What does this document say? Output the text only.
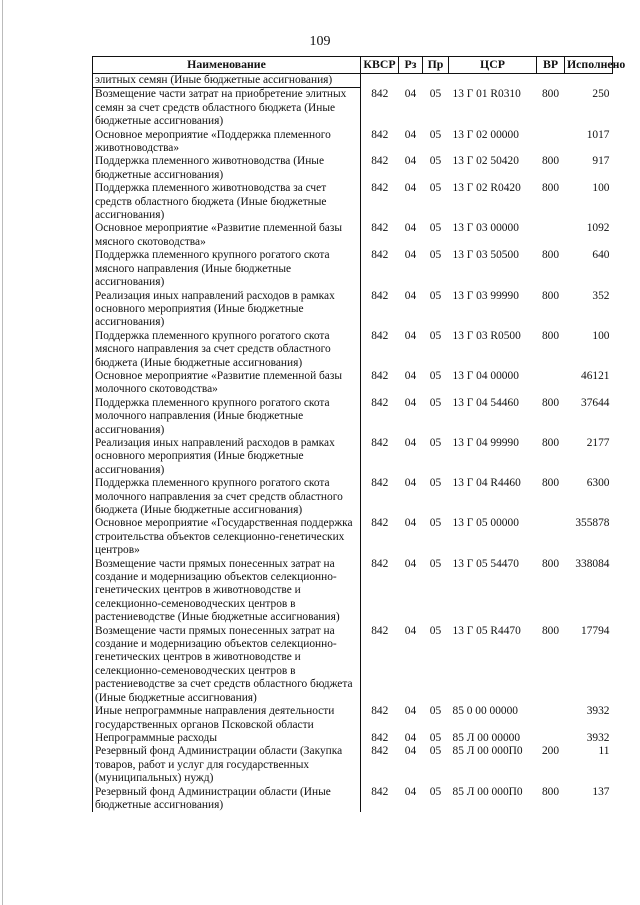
109
Наименование	КВСР	Рз	Пр	ЦСР	ВР	Исполнено
элитных семян (Иные бюджетные ассигнования)						
Возмещение части затрат на приобретение элитных семян за счет средств областного бюджета (Иные бюджетные ассигнования)	842	04	05	13 Г 01 R0310	800	250
Основное мероприятие «Поддержка племенного животноводства»	842	04	05	13 Г 02 00000		1017
Поддержка племенного животноводства (Иные бюджетные ассигнования)	842	04	05	13 Г 02 50420	800	917
Поддержка племенного животноводства за счет средств областного бюджета (Иные бюджетные ассигнования)	842	04	05	13 Г 02 R0420	800	100
Основное мероприятие «Развитие племенной базы мясного скотоводства»	842	04	05	13 Г 03 00000		1092
Поддержка племенного крупного рогатого скота мясного направления (Иные бюджетные ассигнования)	842	04	05	13 Г 03 50500	800	640
Реализация иных направлений расходов в рамках основного мероприятия (Иные бюджетные ассигнования)	842	04	05	13 Г 03 99990	800	352
Поддержка племенного крупного рогатого скота мясного направления за счет средств областного бюджета (Иные бюджетные ассигнования)	842	04	05	13 Г 03 R0500	800	100
Основное мероприятие «Развитие племенной базы молочного скотоводства»	842	04	05	13 Г 04 00000		46121
Поддержка племенного крупного рогатого скота молочного направления (Иные бюджетные ассигнования)	842	04	05	13 Г 04 54460	800	37644
Реализация иных направлений расходов в рамках основного мероприятия (Иные бюджетные ассигнования)	842	04	05	13 Г 04 99990	800	2177
Поддержка племенного крупного рогатого скота молочного направления за счет средств областного бюджета (Иные бюджетные ассигнования)	842	04	05	13 Г 04 R4460	800	6300
Основное мероприятие «Государственная поддержка строительства объектов селекционно-генетических центров»	842	04	05	13 Г 05 00000		355878
Возмещение части прямых понесенных затрат на создание и модернизацию объектов селекционно-генетических центров в животноводстве и селекционно-семеноводческих центров в растениеводстве (Иные бюджетные ассигнования)	842	04	05	13 Г 05 54470	800	338084
Возмещение части прямых понесенных затрат на создание и модернизацию объектов селекционно-генетических центров в животноводстве и селекционно-семеноводческих центров в растениеводстве за счет средств областного бюджета (Иные бюджетные ассигнования)	842	04	05	13 Г 05 R4470	800	17794
Иные непрограммные направления деятельности государственных органов Псковской области	842	04	05	85 0 00 00000		3932
Непрограммные расходы	842	04	05	85 Л 00 00000		3932
Резервный фонд Администрации области (Закупка товаров, работ и услуг для государственных (муниципальных) нужд)	842	04	05	85 Л 00 000П0	200	11
Резервный фонд Администрации области (Иные бюджетные ассигнования)	842	04	05	85 Л 00 000П0	800	137
